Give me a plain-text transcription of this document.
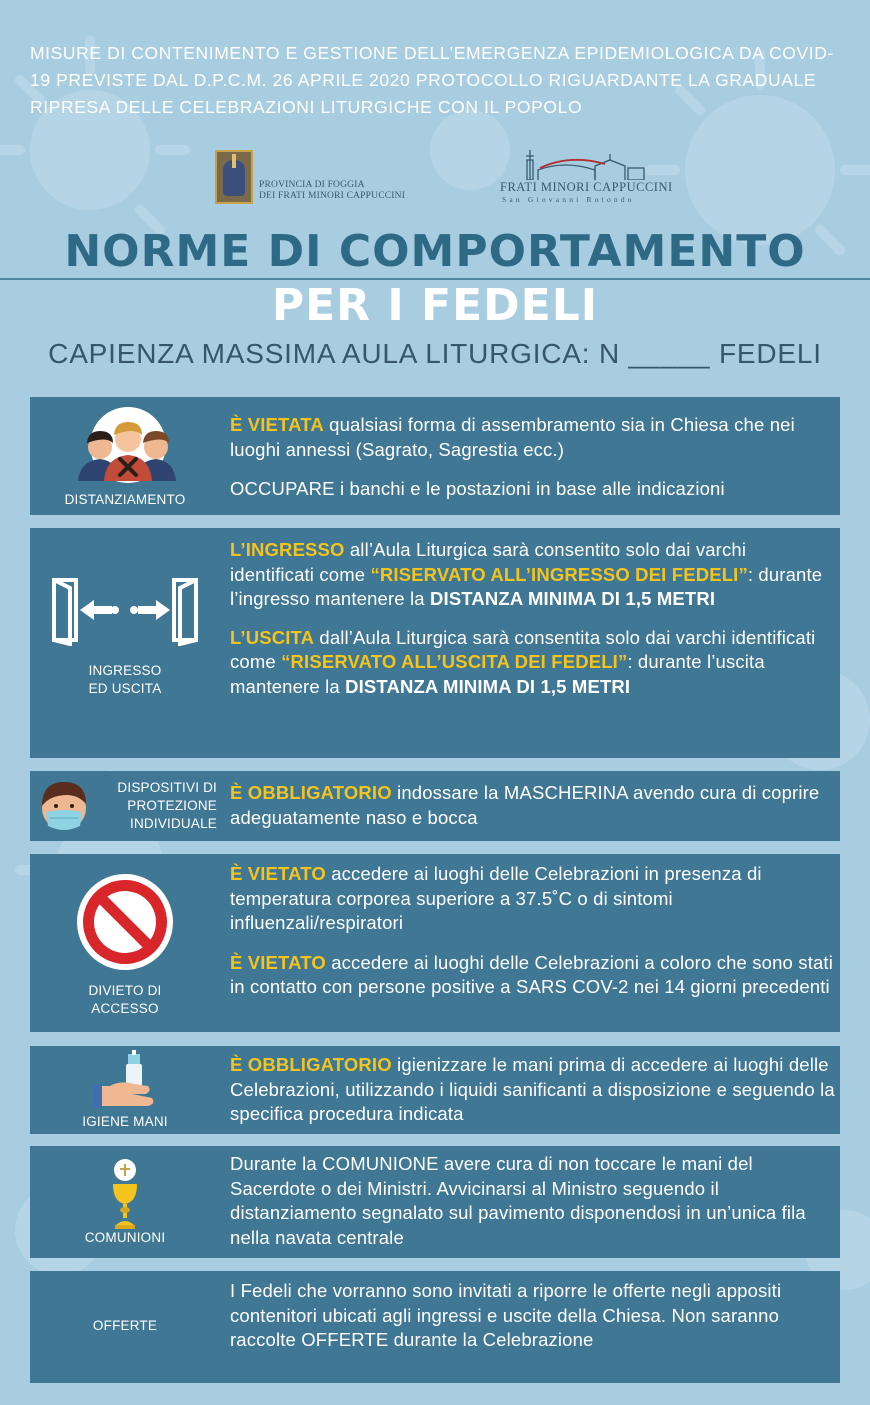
MISURE DI CONTENIMENTO E GESTIONE DELL’EMERGENZA EPIDEMIOLOGICA DA COVID-19 PREVISTE DAL D.P.C.M. 26 APRILE 2020 PROTOCOLLO RIGUARDANTE LA GRADUALE RIPRESA DELLE CELEBRAZIONI LITURGICHE CON IL POPOLO
PROVINCIA DI FOGGIA
DEI FRATI MINORI CAPPUCCINI
FRATI MINORI CAPPUCCINI
San Giovanni Rotondo
NORME DI COMPORTAMENTO
PER I FEDELI
CAPIENZA MASSIMA AULA LITURGICA: N _____ FEDELI
DISTANZIAMENTO

È VIETATA qualsiasi forma di assembramento sia in Chiesa che nei luoghi annessi (Sagrato, Sagrestia ecc.)

OCCUPARE i banchi e le postazioni in base alle indicazioni

INGRESSO
ED USCITA

L’INGRESSO all’Aula Liturgica sarà consentito solo dai varchi identificati come “RISERVATO ALL’INGRESSO DEI FEDELI”: durante l’ingresso mantenere la DISTANZA MINIMA DI 1,5 METRI

L’USCITA dall’Aula Liturgica sarà consentita solo dai varchi identificati come “RISERVATO ALL’USCITA DEI FEDELI”: durante l’uscita mantenere la DISTANZA MINIMA DI 1,5 METRI

DISPOSITIVI DI
PROTEZIONE
INDIVIDUALE

È OBBLIGATORIO indossare la MASCHERINA avendo cura di coprire adeguatamente naso e bocca

DIVIETO DI
ACCESSO

È VIETATO accedere ai luoghi delle Celebrazioni in presenza di temperatura corporea superiore a 37.5˚C o di sintomi influenzali/respiratori

È VIETATO accedere ai luoghi delle Celebrazioni a coloro che sono stati in contatto con persone positive a SARS COV-2 nei 14 giorni precedenti

IGIENE MANI

È OBBLIGATORIO igienizzare le mani prima di accedere ai luoghi delle Celebrazioni, utilizzando i liquidi sanificanti a disposizione e seguendo la specifica procedura indicata

COMUNIONI
Durante la COMUNIONE avere cura di non toccare le mani del Sacerdote o dei Ministri. Avvicinarsi al Ministro seguendo il distanziamento segnalato sul pavimento disponendosi in un’unica fila nella navata centrale
OFFERTE
I Fedeli che vorranno sono invitati a riporre le offerte negli appositi contenitori ubicati agli ingressi e uscite della Chiesa. Non saranno raccolte OFFERTE durante la Celebrazione
